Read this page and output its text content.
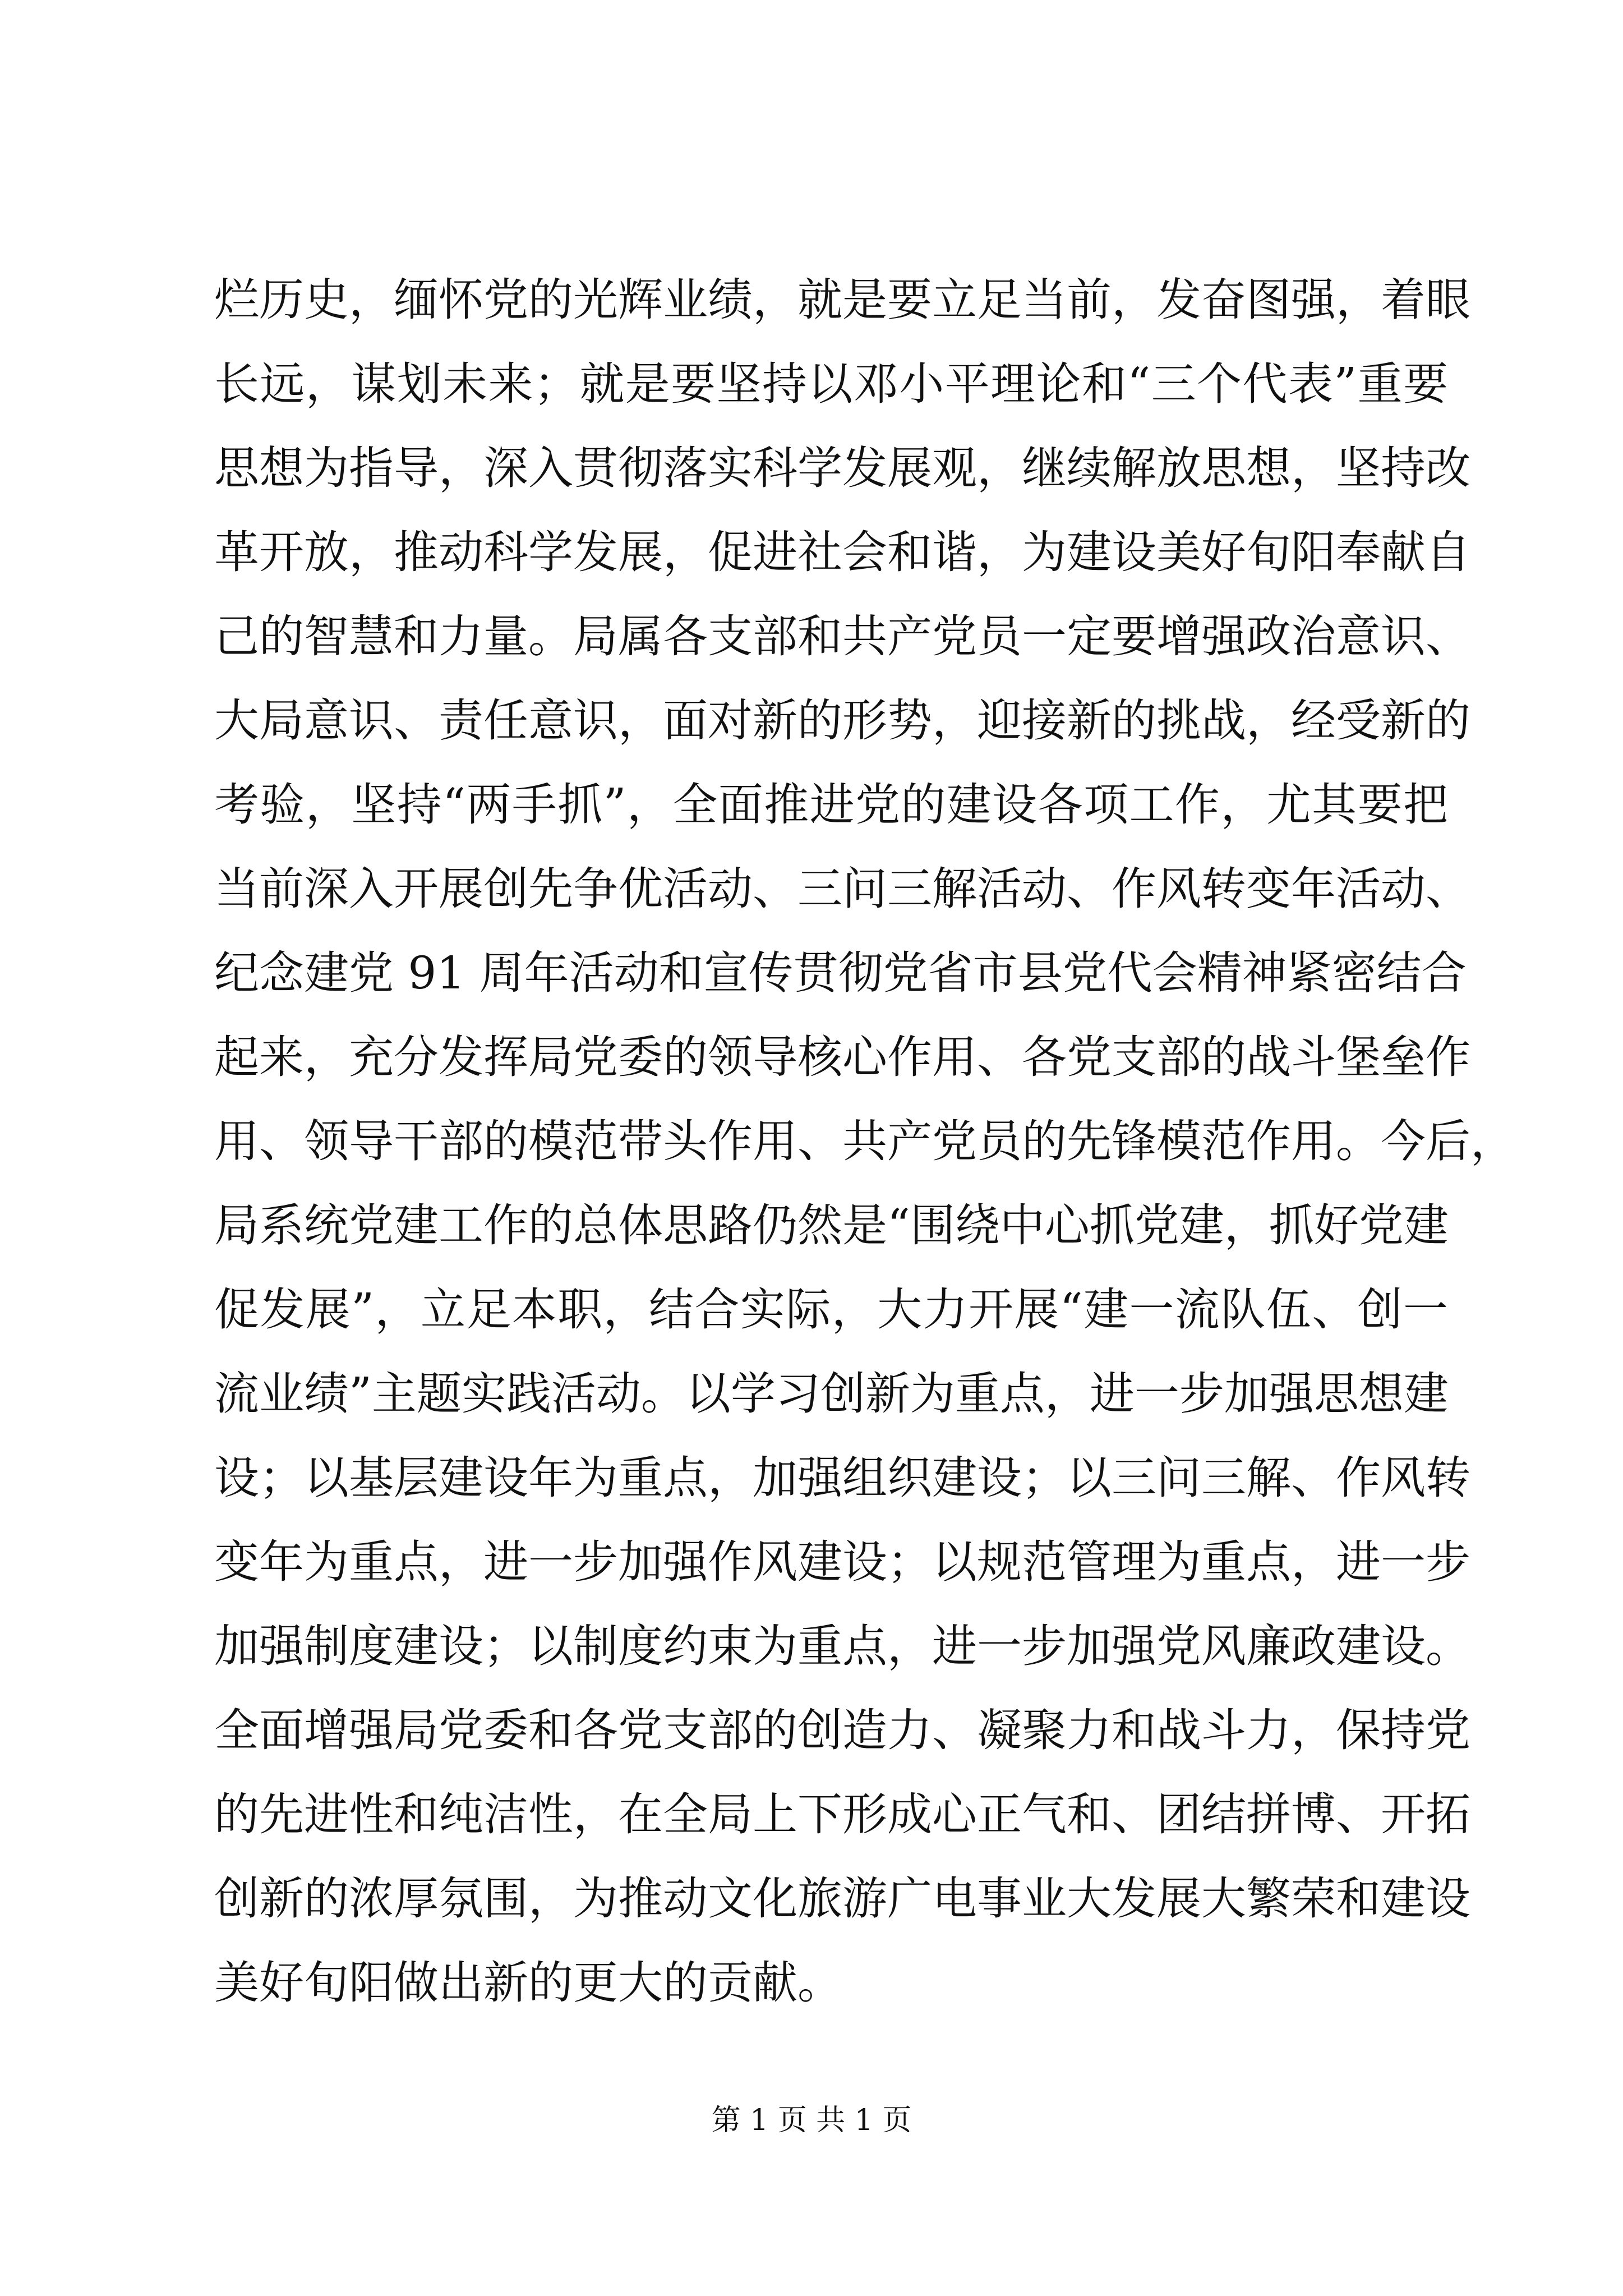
烂历史，缅怀党的光辉业绩，就是要立足当前，发奋图强，着眼
长远，谋划未来；就是要坚持以邓小平理论和“三个代表”重要
思想为指导，深入贯彻落实科学发展观，继续解放思想，坚持改
革开放，推动科学发展，促进社会和谐，为建设美好旬阳奉献自
己的智慧和力量。局属各支部和共产党员一定要增强政治意识、
大局意识、责任意识，面对新的形势，迎接新的挑战，经受新的
考验，坚持“两手抓”，全面推进党的建设各项工作，尤其要把
当前深入开展创先争优活动、三问三解活动、作风转变年活动、
纪念建党 91 周年活动和宣传贯彻党省市县党代会精神紧密结合
起来，充分发挥局党委的领导核心作用、各党支部的战斗堡垒作
用、领导干部的模范带头作用、共产党员的先锋模范作用。今后，
局系统党建工作的总体思路仍然是“围绕中心抓党建，抓好党建
促发展”，立足本职，结合实际，大力开展“建一流队伍、创一
流业绩”主题实践活动。以学习创新为重点，进一步加强思想建
设；以基层建设年为重点，加强组织建设；以三问三解、作风转
变年为重点，进一步加强作风建设；以规范管理为重点，进一步
加强制度建设；以制度约束为重点，进一步加强党风廉政建设。
全面增强局党委和各党支部的创造力、凝聚力和战斗力，保持党
的先进性和纯洁性，在全局上下形成心正气和、团结拼博、开拓
创新的浓厚氛围，为推动文化旅游广电事业大发展大繁荣和建设
美好旬阳做出新的更大的贡献。
第 1 页 共 1 页
